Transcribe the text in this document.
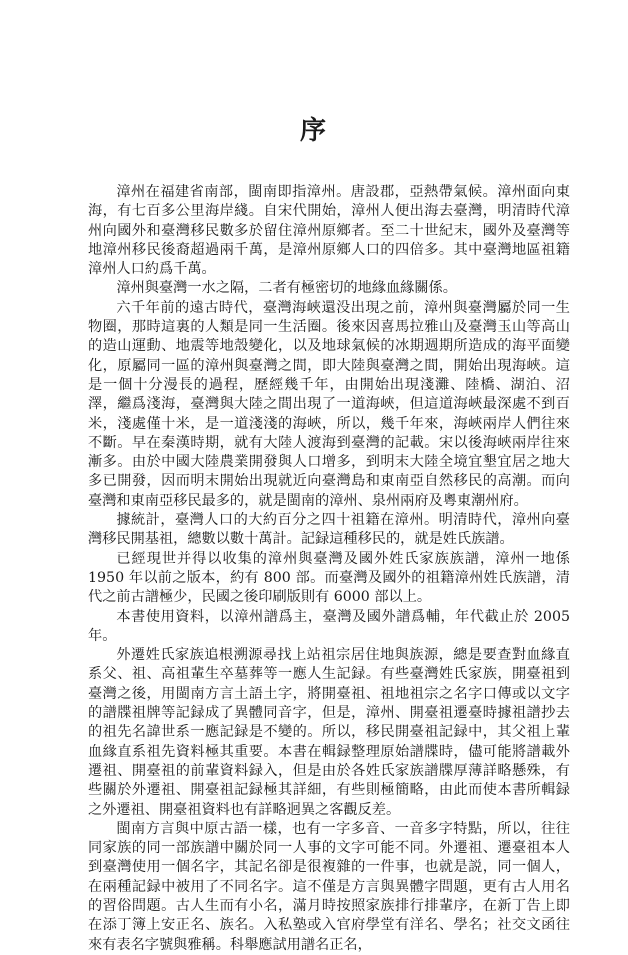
序

漳州在福建省南部，閩南即指漳州。唐設郡，亞熱帶氣候。漳州面向東海，有七百多公里海岸綫。自宋代開始，漳州人便出海去臺灣，明清時代漳州向國外和臺灣移民數多於留住漳州原鄉者。至二十世紀末，國外及臺灣等地漳州移民後裔超過兩千萬，是漳州原鄉人口的四倍多。其中臺灣地區祖籍漳州人口約爲千萬。

漳州與臺灣一水之隔，二者有極密切的地緣血緣關係。

六千年前的遠古時代，臺灣海峽還没出現之前，漳州與臺灣屬於同一生物圈，那時這裏的人類是同一生活圈。後來因喜馬拉雅山及臺灣玉山等高山的造山運動、地震等地殼變化，以及地球氣候的冰期週期所造成的海平面變化，原屬同一區的漳州與臺灣之間，即大陸與臺灣之間，開始出現海峽。這是一個十分漫長的過程，歷經幾千年，由開始出現淺灘、陸橋、湖泊、沼澤，繼爲淺海，臺灣與大陸之間出現了一道海峽，但這道海峽最深處不到百米，淺處僅十米，是一道淺淺的海峽，所以，幾千年來，海峽兩岸人們往來不斷。早在秦漢時期，就有大陸人渡海到臺灣的記載。宋以後海峽兩岸往來漸多。由於中國大陸農業開發與人口增多，到明末大陸全境宜墾宜居之地大多已開發，因而明末開始出現就近向臺灣島和東南亞自然移民的高潮。而向臺灣和東南亞移民最多的，就是閩南的漳州、泉州兩府及粵東潮州府。

據統計，臺灣人口的大約百分之四十祖籍在漳州。明清時代，漳州向臺灣移民開基祖，總數以數十萬計。記録這種移民的，就是姓氏族譜。

已經現世并得以收集的漳州與臺灣及國外姓氏家族族譜，漳州一地係 1950 年以前之版本，約有 800 部。而臺灣及國外的祖籍漳州姓氏族譜，清代之前古譜極少，民國之後印刷版則有 6000 部以上。

本書使用資料，以漳州譜爲主，臺灣及國外譜爲輔，年代截止於 2005 年。

外遷姓氏家族追根溯源尋找上站祖宗居住地與族源，總是要查對血緣直系父、祖、高祖輩生卒墓葬等一應人生記録。有些臺灣姓氏家族，開臺祖到臺灣之後，用閩南方言土語土字，將開臺祖、祖地祖宗之名字口傳或以文字的譜牒祖牌等記録成了異體同音字，但是，漳州、開臺祖遷臺時據祖譜抄去的祖先名諱世系一應記録是不變的。所以，移民開臺祖記録中，其父祖上輩血緣直系祖先資料極其重要。本書在輯録整理原始譜牒時，儘可能將譜載外遷祖、開臺祖的前輩資料録入，但是由於各姓氏家族譜牒厚薄詳略懸殊，有些關於外遷祖、開臺祖記録極其詳細，有些則極簡略，由此而使本書所輯録之外遷祖、開臺祖資料也有詳略迥異之客觀反差。

閩南方言與中原古語一樣，也有一字多音、一音多字特點，所以，往往同家族的同一部族譜中關於同一人事的文字可能不同。外遷祖、遷臺祖本人到臺灣使用一個名字，其記名卻是很複雜的一件事，也就是説，同一個人，在兩種記録中被用了不同名字。這不僅是方言與異體字問題，更有古人用名的習俗問題。古人生而有小名，滿月時按照家族排行排輩序，在新丁告上即在添丁簿上安正名、族名。入私塾或入官府學堂有洋名、學名；社交文函往來有表名字號與雅稱。科舉應試用譜名正名，
